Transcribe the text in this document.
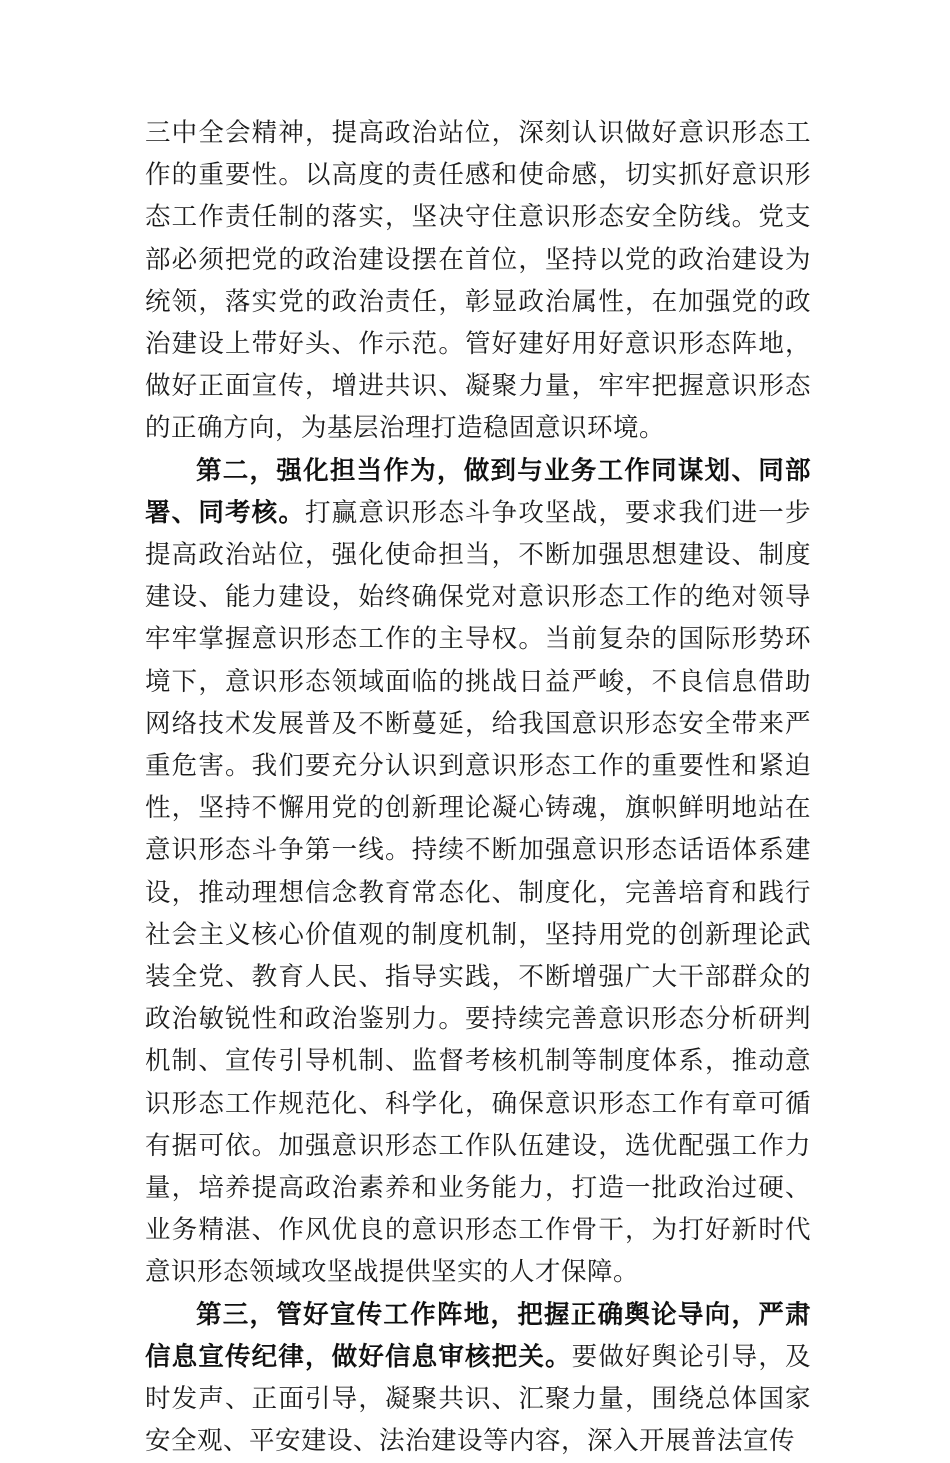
三中全会精神，提高政治站位，深刻认识做好意识形态工作的重要性。以高度的责任感和使命感，切实抓好意识形态工作责任制的落实，坚决守住意识形态安全防线。党支部必须把党的政治建设摆在首位，坚持以党的政治建设为统领，落实党的政治责任，彰显政治属性，在加强党的政治建设上带好头、作示范。管好建好用好意识形态阵地，做好正面宣传，增进共识、凝聚力量，牢牢把握意识形态的正确方向，为基层治理打造稳固意识环境。

第二，强化担当作为，做到与业务工作同谋划、同部署、同考核。打赢意识形态斗争攻坚战，要求我们进一步提高政治站位，强化使命担当，不断加强思想建设、制度建设、能力建设，始终确保党对意识形态工作的绝对领导牢牢掌握意识形态工作的主导权。当前复杂的国际形势环境下，意识形态领域面临的挑战日益严峻，不良信息借助网络技术发展普及不断蔓延，给我国意识形态安全带来严重危害。我们要充分认识到意识形态工作的重要性和紧迫性，坚持不懈用党的创新理论凝心铸魂，旗帜鲜明地站在意识形态斗争第一线。持续不断加强意识形态话语体系建设，推动理想信念教育常态化、制度化，完善培育和践行社会主义核心价值观的制度机制，坚持用党的创新理论武装全党、教育人民、指导实践，不断增强广大干部群众的政治敏锐性和政治鉴别力。要持续完善意识形态分析研判机制、宣传引导机制、监督考核机制等制度体系，推动意识形态工作规范化、科学化，确保意识形态工作有章可循有据可依。加强意识形态工作队伍建设，选优配强工作力量，培养提高政治素养和业务能力，打造一批政治过硬、业务精湛、作风优良的意识形态工作骨干，为打好新时代意识形态领域攻坚战提供坚实的人才保障。

第三，管好宣传工作阵地，把握正确舆论导向，严肃信息宣传纪律，做好信息审核把关。要做好舆论引导，及时发声、正面引导，凝聚共识、汇聚力量，围绕总体国家安全观、平安建设、法治建设等内容，深入开展普法宣传
